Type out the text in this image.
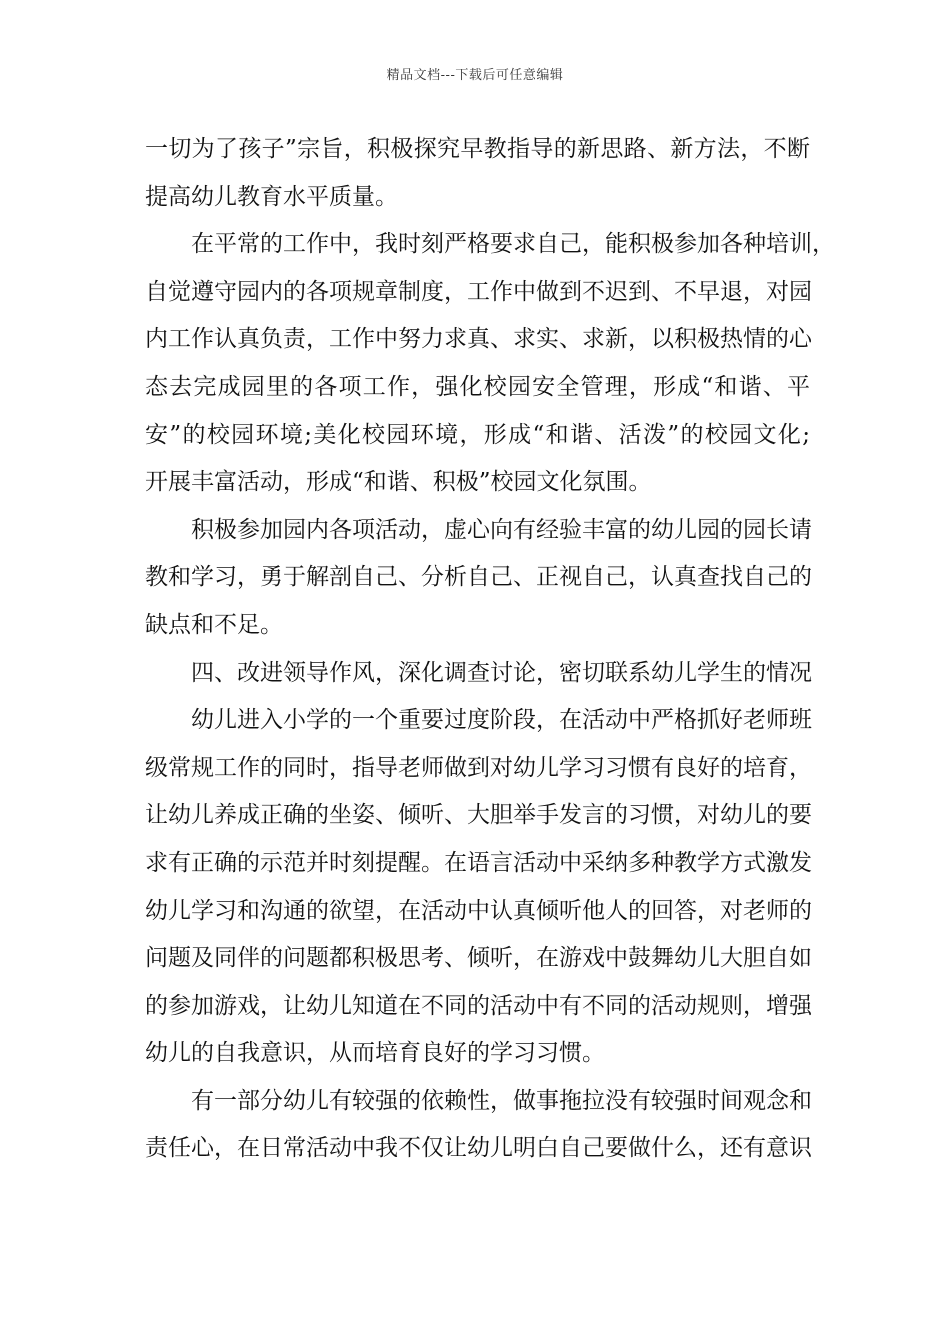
精品文档---下载后可任意编辑
一切为了孩子”宗旨，积极探究早教指导的新思路、新方法，不断
提高幼儿教育水平质量。
在平常的工作中，我时刻严格要求自己，能积极参加各种培训，
自觉遵守园内的各项规章制度，工作中做到不迟到、不早退，对园
内工作认真负责，工作中努力求真、求实、求新，以积极热情的心
态去完成园里的各项工作，强化校园安全管理，形成“和谐、平
安”的校园环境;美化校园环境，形成“和谐、活泼”的校园文化;
开展丰富活动，形成“和谐、积极”校园文化氛围。
积极参加园内各项活动，虚心向有经验丰富的幼儿园的园长请
教和学习，勇于解剖自己、分析自己、正视自己，认真查找自己的
缺点和不足。
四、改进领导作风，深化调查讨论，密切联系幼儿学生的情况
幼儿进入小学的一个重要过度阶段，在活动中严格抓好老师班
级常规工作的同时，指导老师做到对幼儿学习习惯有良好的培育，
让幼儿养成正确的坐姿、倾听、大胆举手发言的习惯，对幼儿的要
求有正确的示范并时刻提醒。在语言活动中采纳多种教学方式激发
幼儿学习和沟通的欲望，在活动中认真倾听他人的回答，对老师的
问题及同伴的问题都积极思考、倾听，在游戏中鼓舞幼儿大胆自如
的参加游戏，让幼儿知道在不同的活动中有不同的活动规则，增强
幼儿的自我意识，从而培育良好的学习习惯。
有一部分幼儿有较强的依赖性，做事拖拉没有较强时间观念和
责任心，在日常活动中我不仅让幼儿明白自己要做什么，还有意识
